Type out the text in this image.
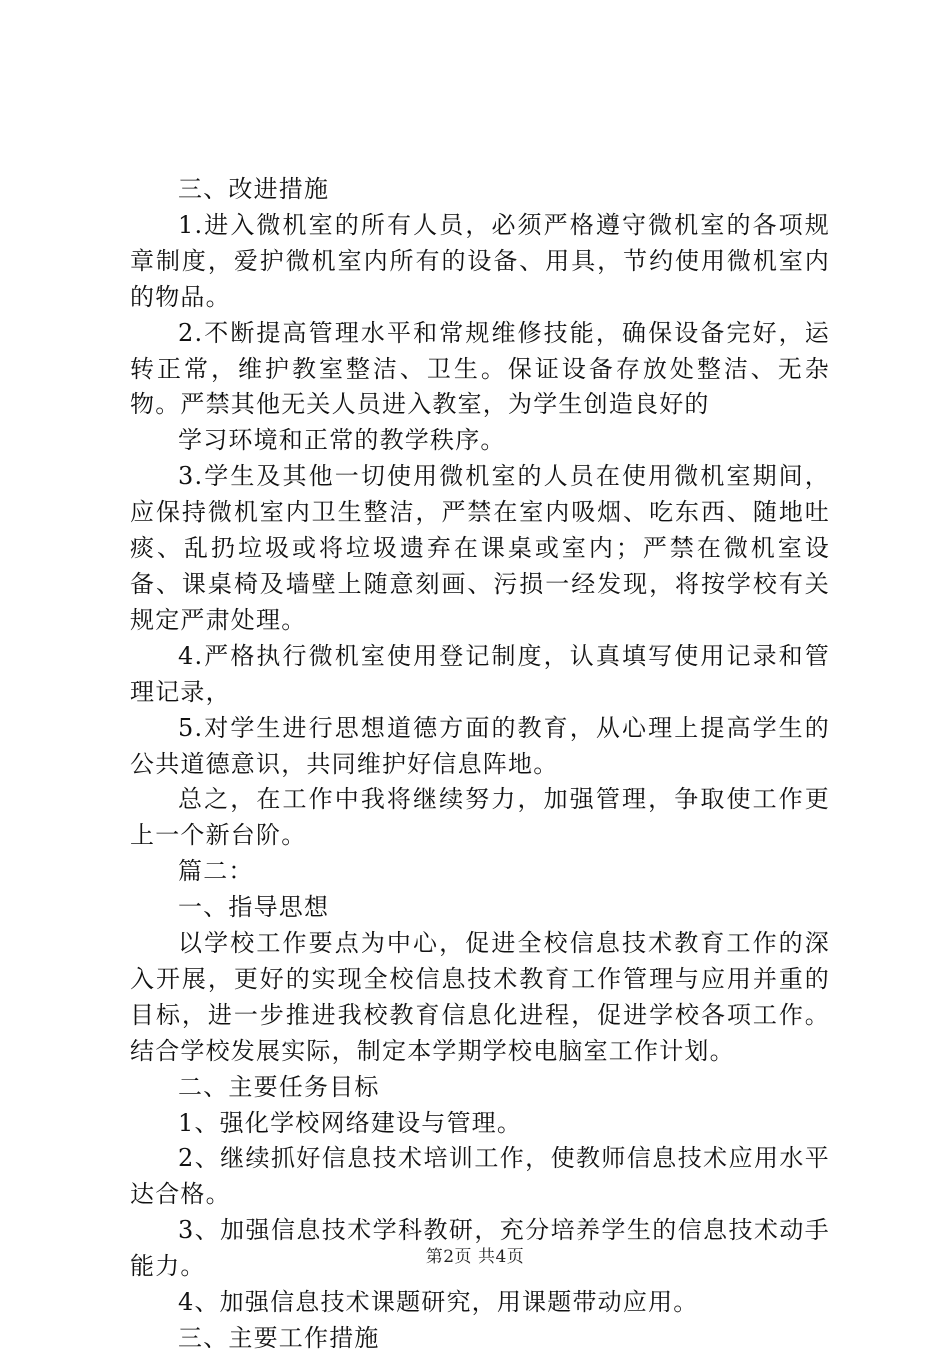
三、改进措施

1.进入微机室的所有人员，必须严格遵守微机室的各项规章制度，爱护微机室内所有的设备、用具，节约使用微机室内的物品。

2.不断提高管理水平和常规维修技能，确保设备完好，运转正常，维护教室整洁、卫生。保证设备存放处整洁、无杂物。严禁其他无关人员进入教室，为学生创造良好的

学习环境和正常的教学秩序。

3.学生及其他一切使用微机室的人员在使用微机室期间，应保持微机室内卫生整洁，严禁在室内吸烟、吃东西、随地吐痰、乱扔垃圾或将垃圾遗弃在课桌或室内；严禁在微机室设备、课桌椅及墙壁上随意刻画、污损一经发现，将按学校有关规定严肃处理。

4.严格执行微机室使用登记制度，认真填写使用记录和管理记录，

5.对学生进行思想道德方面的教育，从心理上提高学生的公共道德意识，共同维护好信息阵地。

总之，在工作中我将继续努力，加强管理，争取使工作更上一个新台阶。

篇二：

一、指导思想

以学校工作要点为中心，促进全校信息技术教育工作的深入开展，更好的实现全校信息技术教育工作管理与应用并重的目标，进一步推进我校教育信息化进程，促进学校各项工作。结合学校发展实际，制定本学期学校电脑室工作计划。

二、主要任务目标

1、强化学校网络建设与管理。

2、继续抓好信息技术培训工作，使教师信息技术应用水平达合格。

3、加强信息技术学科教研，充分培养学生的信息技术动手能力。

4、加强信息技术课题研究，用课题带动应用。

三、主要工作措施

第2页 共4页
